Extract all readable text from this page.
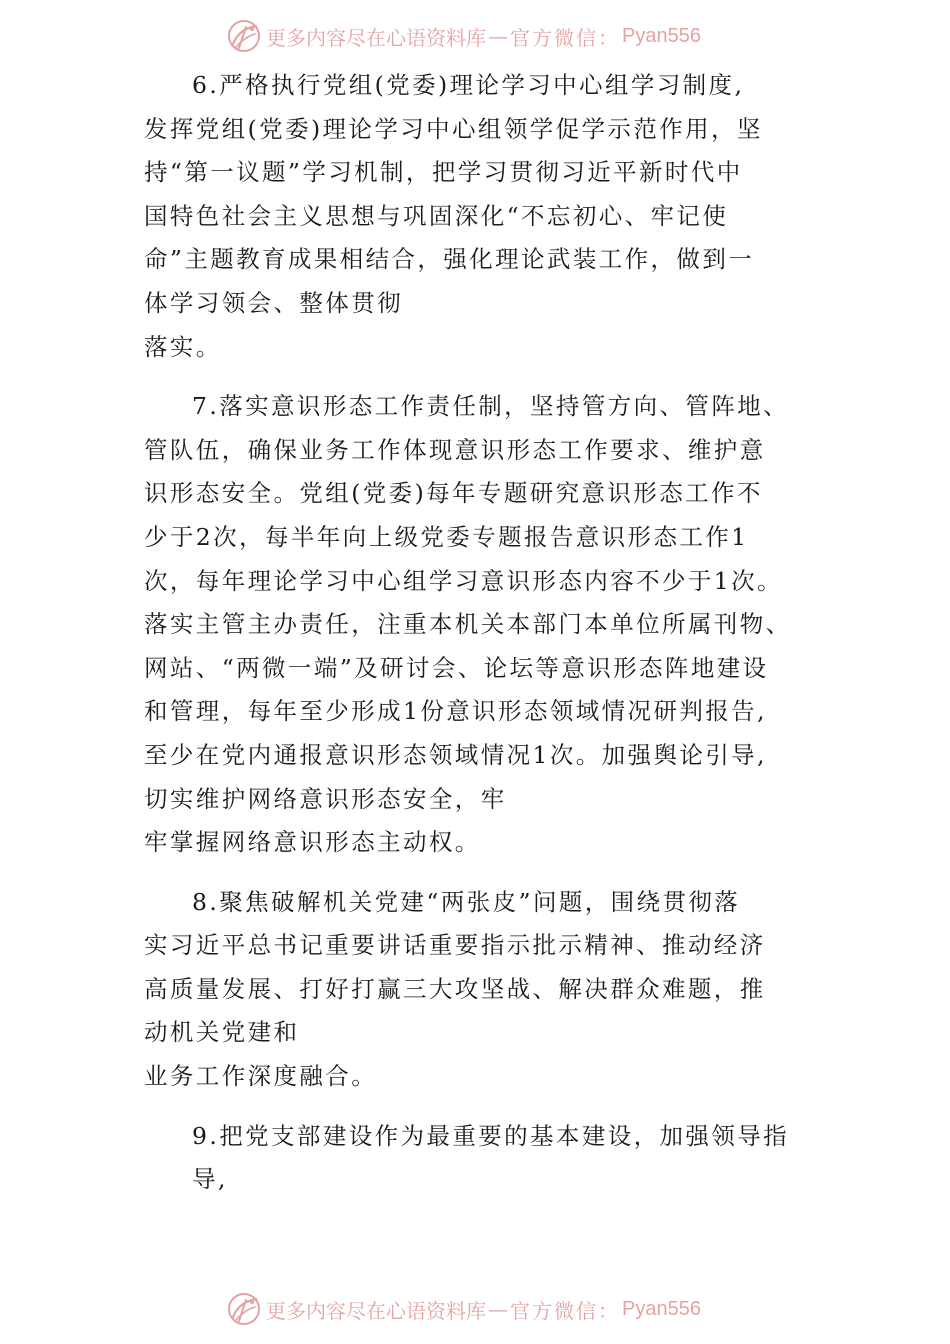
更多内容尽在心语资料库 — 官方微信： Pyan556
6.严格执行党组(党委)理论学习中心组学习制度,
发挥党组(党委)理论学习中心组领学促学示范作用，坚
持“第一议题”学习机制，把学习贯彻习近平新时代中
国特色社会主义思想与巩固深化“不忘初心、牢记使
命”主题教育成果相结合，强化理论武装工作，做到一
体学习领会、整体贯彻
落实。
7.落实意识形态工作责任制，坚持管方向、管阵地、
管队伍，确保业务工作体现意识形态工作要求、维护意
识形态安全。党组(党委)每年专题研究意识形态工作不
少于2次，每半年向上级党委专题报告意识形态工作1
次，每年理论学习中心组学习意识形态内容不少于1次。
落实主管主办责任，注重本机关本部门本单位所属刊物、
网站、“两微一端”及研讨会、论坛等意识形态阵地建设
和管理，每年至少形成1份意识形态领域情况研判报告,
至少在党内通报意识形态领域情况1次。加强舆论引导,
切实维护网络意识形态安全，牢
牢掌握网络意识形态主动权。
8.聚焦破解机关党建“两张皮”问题，围绕贯彻落
实习近平总书记重要讲话重要指示批示精神、推动经济
高质量发展、打好打赢三大攻坚战、解决群众难题，推
动机关党建和
业务工作深度融合。
9.把党支部建设作为最重要的基本建设，加强领导指
导,
更多内容尽在心语资料库 — 官方微信： Pyan556
